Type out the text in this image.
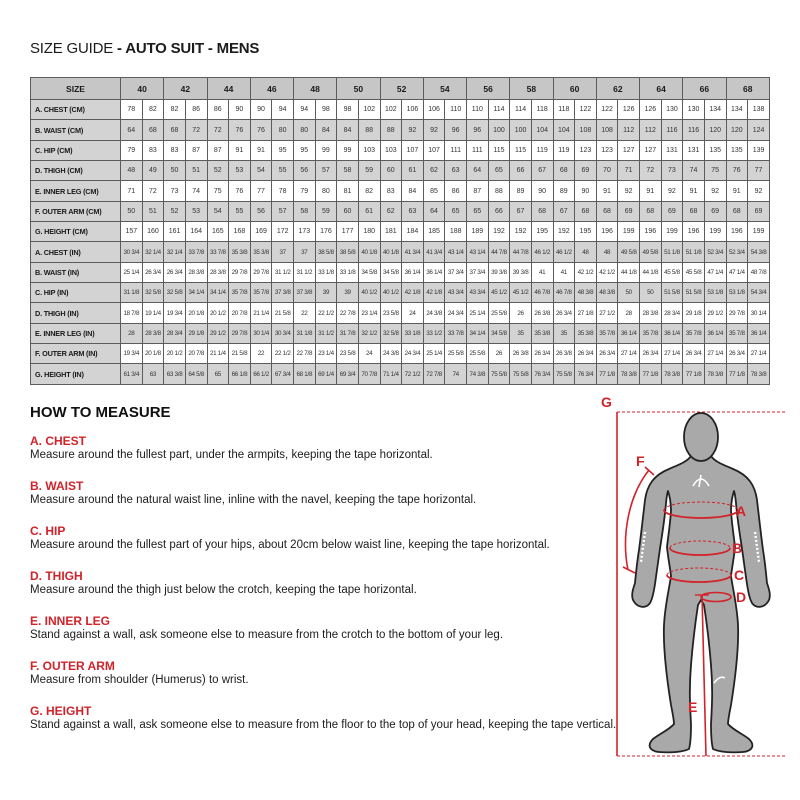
SIZE GUIDE - AUTO SUIT - MENS
SIZE	40		42		44		46		48		50		52		54		56		58		60		62		64		66		68	
A. CHEST (CM)	78	82	82	86	86	90	90	94	94	98	98	102	102	106	106	110	110	114	114	118	118	122	122	126	126	130	130	134	134	138
B. WAIST (CM)	64	68	68	72	72	76	76	80	80	84	84	88	88	92	92	96	96	100	100	104	104	108	108	112	112	116	116	120	120	124
C. HIP (CM)	79	83	83	87	87	91	91	95	95	99	99	103	103	107	107	111	111	115	115	119	119	123	123	127	127	131	131	135	135	139
D. THIGH (CM)	48	49	50	51	52	53	54	55	56	57	58	59	60	61	62	63	64	65	66	67	68	69	70	71	72	73	74	75	76	77
E. INNER LEG (CM)	71	72	73	74	75	76	77	78	79	80	81	82	83	84	85	86	87	88	89	90	89	90	91	92	91	92	91	92	91	92
F. OUTER ARM (CM)	50	51	52	53	54	55	56	57	58	59	60	61	62	63	64	65	65	66	67	68	67	68	68	69	68	69	68	69	68	69
G. HEIGHT (CM)	157	160	161	164	165	168	169	172	173	176	177	180	181	184	185	188	189	192	192	195	192	195	196	199	196	199	196	199	196	199
A. CHEST (IN)	30 3/4	32 1/4	32 1/4	33 7/8	33 7/8	35 3/8	35 3/8	37	37	38 5/8	38 5/8	40 1/8	40 1/8	41 3/4	41 3/4	43 1/4	43 1/4	44 7/8	44 7/8	46 1/2	46 1/2	48	48	49 5/8	49 5/8	51 1/8	51 1/8	52 3/4	52 3/4	54 3/8
B. WAIST (IN)	25 1/4	26 3/4	26 3/4	28 3/8	28 3/8	29 7/8	29 7/8	31 1/2	31 1/2	33 1/8	33 1/8	34 5/8	34 5/8	36 1/4	36 1/4	37 3/4	37 3/4	39 3/8	39 3/8	41	41	42 1/2	42 1/2	44 1/8	44 1/8	45 5/8	45 5/8	47 1/4	47 1/4	48 7/8
C. HIP (IN)	31 1/8	32 5/8	32 5/8	34 1/4	34 1/4	35 7/8	35 7/8	37 3/8	37 3/8	39	39	40 1/2	40 1/2	42 1/8	42 1/8	43 3/4	43 3/4	45 1/2	45 1/2	46 7/8	46 7/8	48 3/8	48 3/8	50	50	51 5/8	51 5/8	53 1/8	53 1/8	54 3/4
D. THIGH (IN)	18 7/8	19 1/4	19 3/4	20 1/8	20 1/2	20 7/8	21 1/4	21 5/8	22	22 1/2	22 7/8	23 1/4	23 5/8	24	24 3/8	24 3/4	25 1/4	25 5/8	26	26 3/8	26 3/4	27 1/8	27 1/2	28	28 3/8	28 3/4	29 1/8	29 1/2	29 7/8	30 1/4
E. INNER LEG (IN)	28	28 3/8	28 3/4	29 1/8	29 1/2	29 7/8	30 1/4	30 3/4	31 1/8	31 1/2	31 7/8	32 1/2	32 5/8	33 1/8	33 1/2	33 7/8	34 1/4	34 5/8	35	35 3/8	35	35 3/8	35 7/8	36 1/4	35 7/8	36 1/4	35 7/8	36 1/4	35 7/8	36 1/4
F. OUTER ARM (IN)	19 3/4	20 1/8	20 1/2	20 7/8	21 1/4	21 5/8	22	22 1/2	22 7/8	23 1/4	23 5/8	24	24 3/8	24 3/4	25 1/4	25 5/8	25 5/8	26	26 3/8	26 3/4	26 3/8	26 3/4	26 3/4	27 1/4	26 3/4	27 1/4	26 3/4	27 1/4	26 3/4	27 1/4
G. HEIGHT (IN)	61 3/4	63	63 3/8	64 5/8	65	66 1/8	66 1/2	67 3/4	68 1/8	69 1/4	69 3/4	70 7/8	71 1/4	72 1/2	72 7/8	74	74 3/8	75 5/8	75 5/8	76 3/4	75 5/8	76 3/4	77 1/8	78 3/8	77 1/8	78 3/8	77 1/8	78 3/8	77 1/8	78 3/8
HOW TO MEASURE
A. CHEST
Measure around the fullest part, under the armpits, keeping the tape horizontal.
B. WAIST
Measure around the natural waist line, inline with the navel, keeping the tape horizontal.
C. HIP
Measure around the fullest part of your hips, about 20cm below waist line, keeping the tape horizontal.
D. THIGH
Measure around the thigh just below the crotch, keeping the tape horizontal.
E. INNER LEG
Stand against a wall, ask someone else to measure from the crotch to the bottom of your leg.
F. OUTER ARM
Measure from shoulder (Humerus) to wrist.
G. HEIGHT
Stand against a wall, ask someone else to measure from the floor to the top of your head, keeping the tape vertical.
G
F
A
B
C
D
E
